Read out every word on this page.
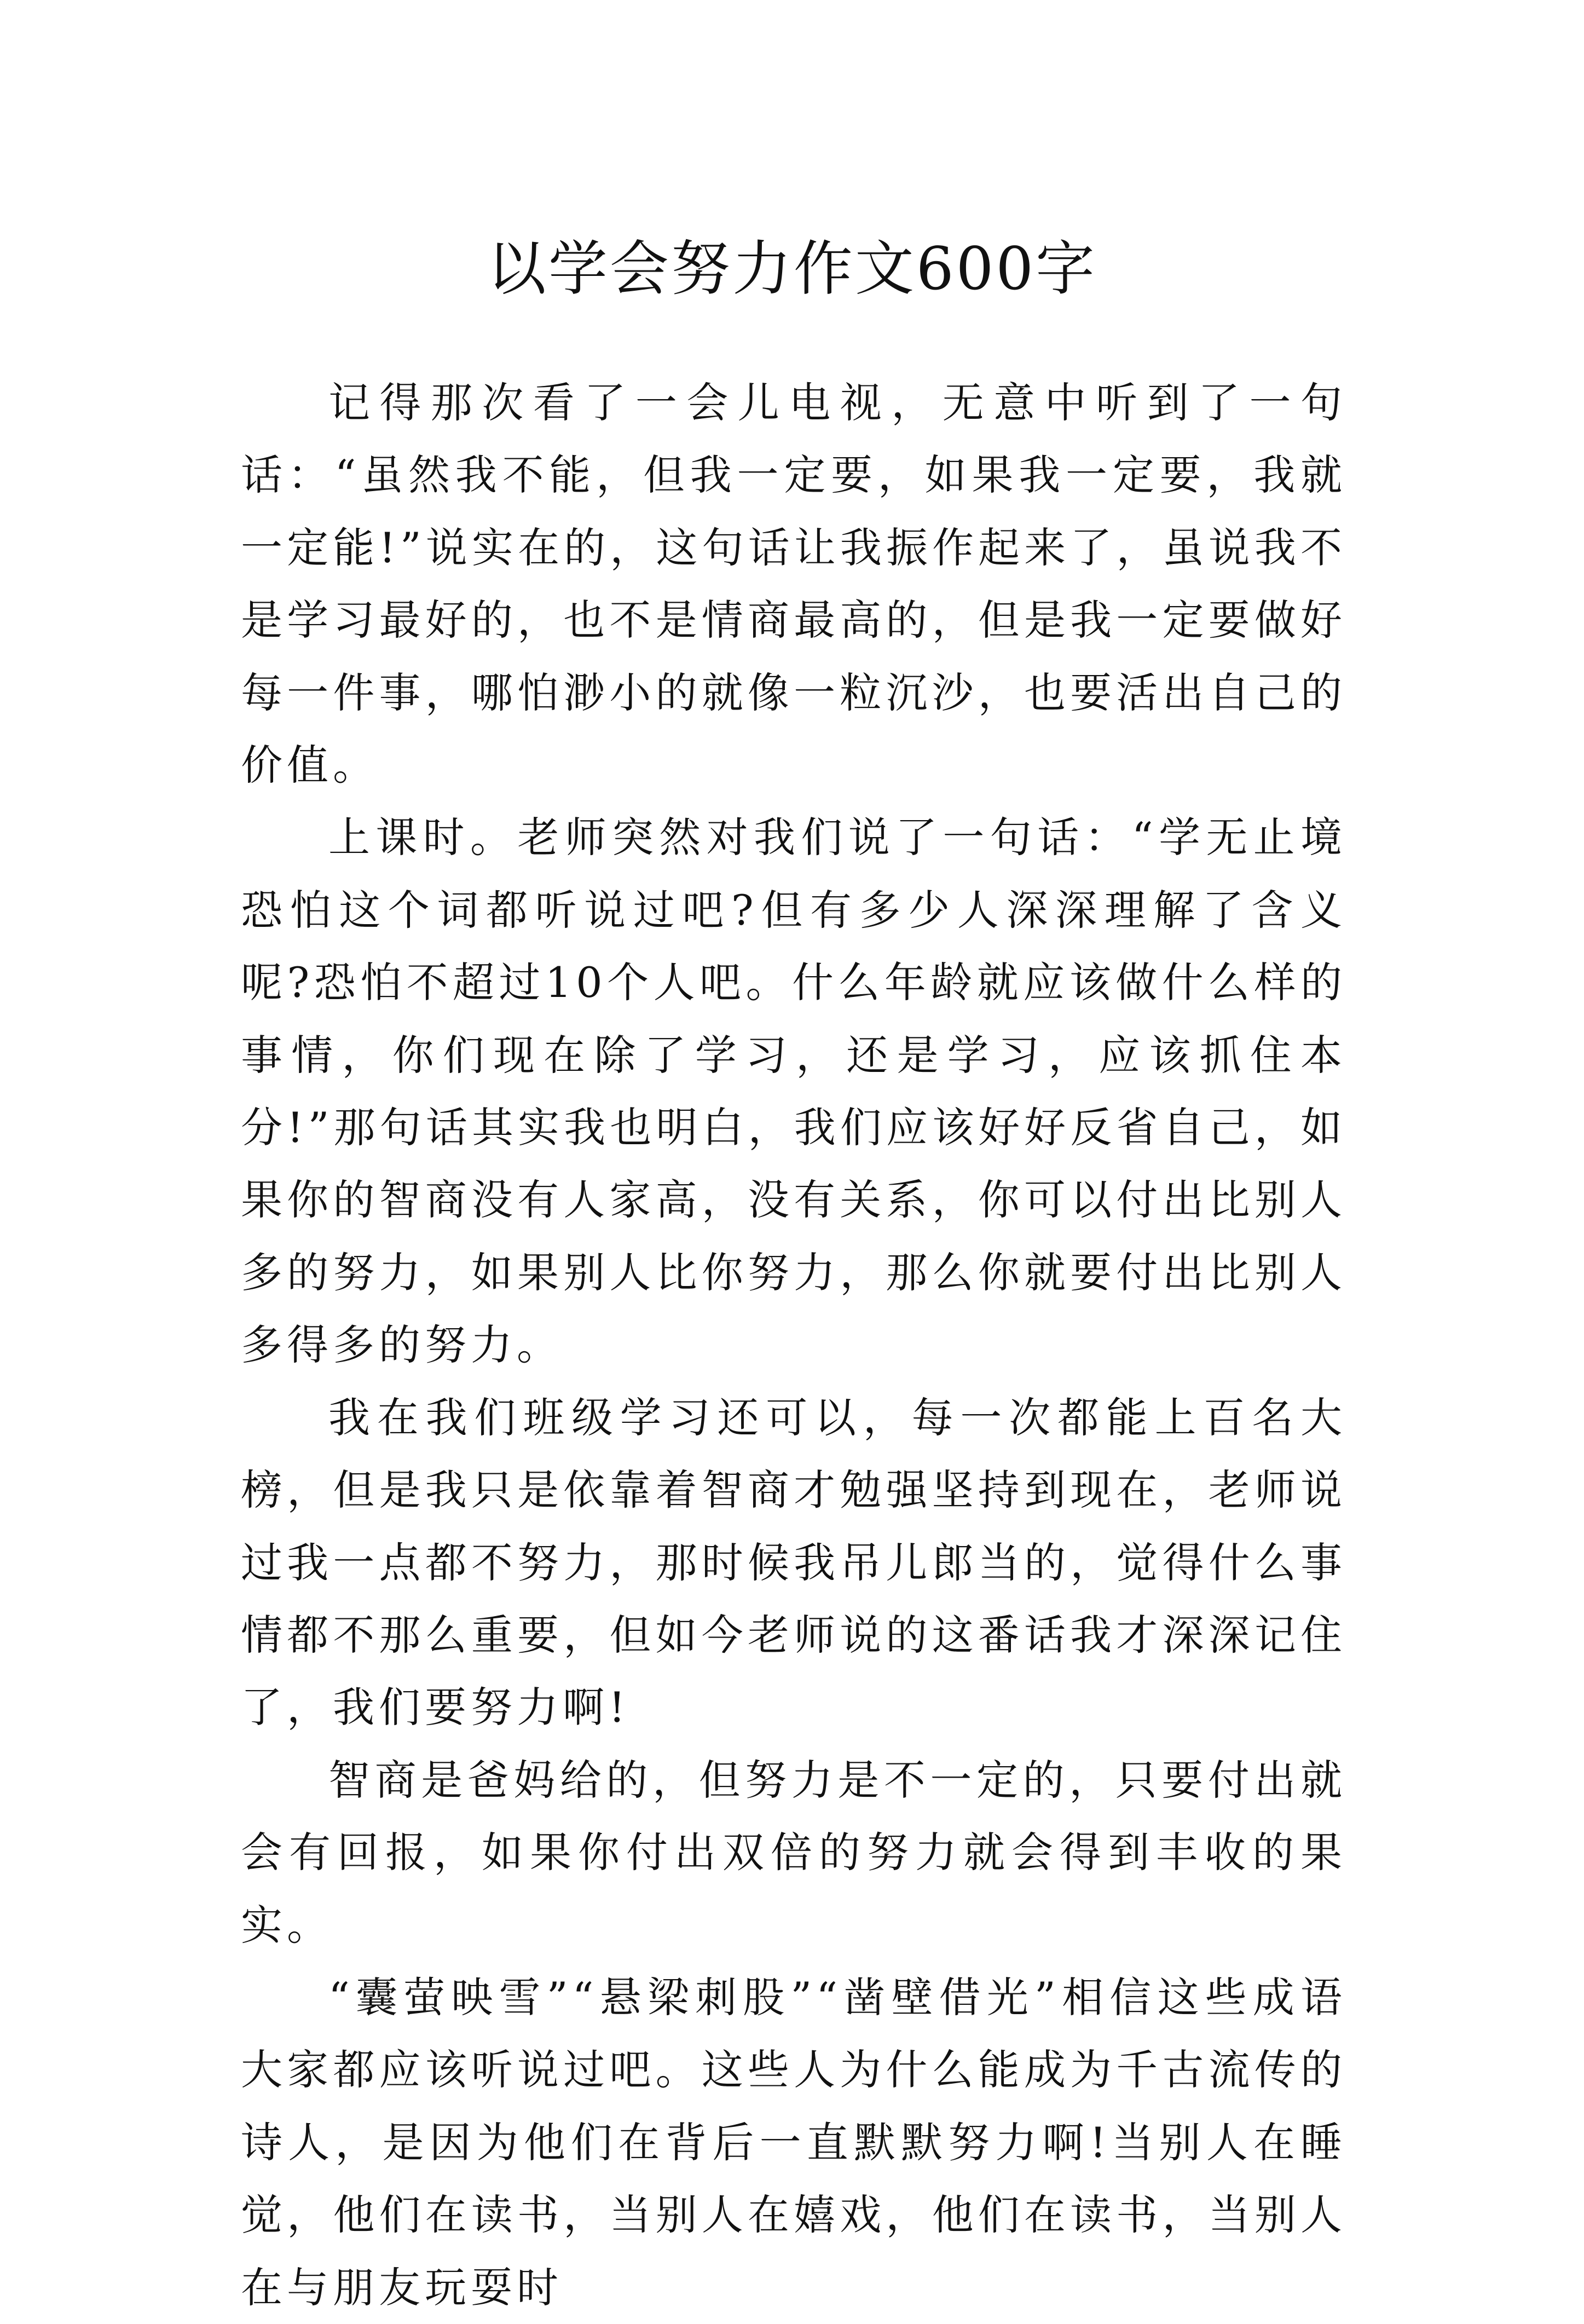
以学会努力作文600字

记得那次看了一会儿电视，无意中听到了一句话：“虽然我不能，但我一定要，如果我一定要，我就一定能!”说实在的，这句话让我振作起来了，虽说我不是学习最好的，也不是情商最高的，但是我一定要做好每一件事，哪怕渺小的就像一粒沉沙，也要活出自己的价值。

上课时。老师突然对我们说了一句话：“学无止境恐怕这个词都听说过吧?但有多少人深深理解了含义呢?恐怕不超过10个人吧。什么年龄就应该做什么样的事情，你们现在除了学习，还是学习，应该抓住本分!”那句话其实我也明白，我们应该好好反省自己，如果你的智商没有人家高，没有关系，你可以付出比别人多的努力，如果别人比你努力，那么你就要付出比别人多得多的努力。

我在我们班级学习还可以，每一次都能上百名大榜，但是我只是依靠着智商才勉强坚持到现在，老师说过我一点都不努力，那时候我吊儿郎当的，觉得什么事情都不那么重要，但如今老师说的这番话我才深深记住了，我们要努力啊!

智商是爸妈给的，但努力是不一定的，只要付出就会有回报，如果你付出双倍的努力就会得到丰收的果实。

“囊萤映雪”“悬梁刺股”“凿壁借光”相信这些成语大家都应该听说过吧。这些人为什么能成为千古流传的诗人，是因为他们在背后一直默默努力啊!当别人在睡觉，他们在读书，当别人在嬉戏，他们在读书，当别人在与朋友玩耍时
